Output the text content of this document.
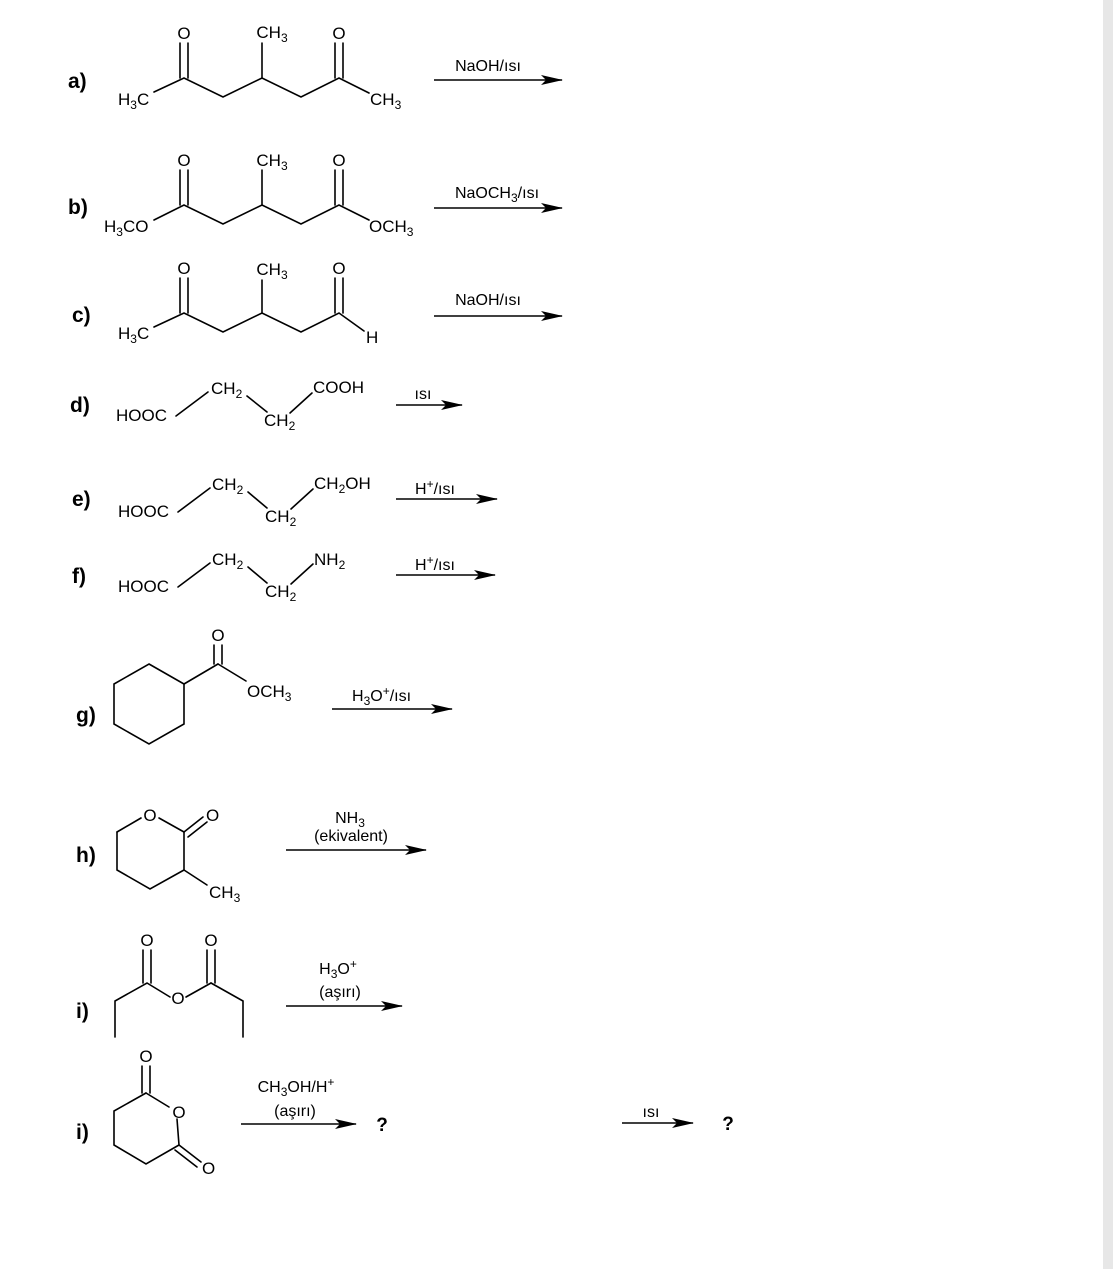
a)
O	O
$CH_3$
$H_3C$	$CH_3$
NaOH/ısı
b)
O	O
$CH_3$
$H_3CO$	$OCH_3$
NaOCH$_3$/ısı
c)
O	O
$CH_3$
$H_3C$	H
NaOH/ısı
d) HOOC
$CH_2$
$CH_2$
COOH	ısı
e)
HOOC
$CH_2$
$CH_2$
$CH_2OH$	H+/ısı
f) HOOC
$CH_2$
$CH_2$
$NH_2$	H+/ısı
g)
O
$OCH_3$	$H_3O^+$/ısı
h)
O	O
$CH_3$
$NH_3$
(ekivalent)
i)
O	O
O
$H_3O^+$
(aşırı)
i)
O
O
O
$CH_3OH/H^+$
(aşırı)
?
ısı
?
